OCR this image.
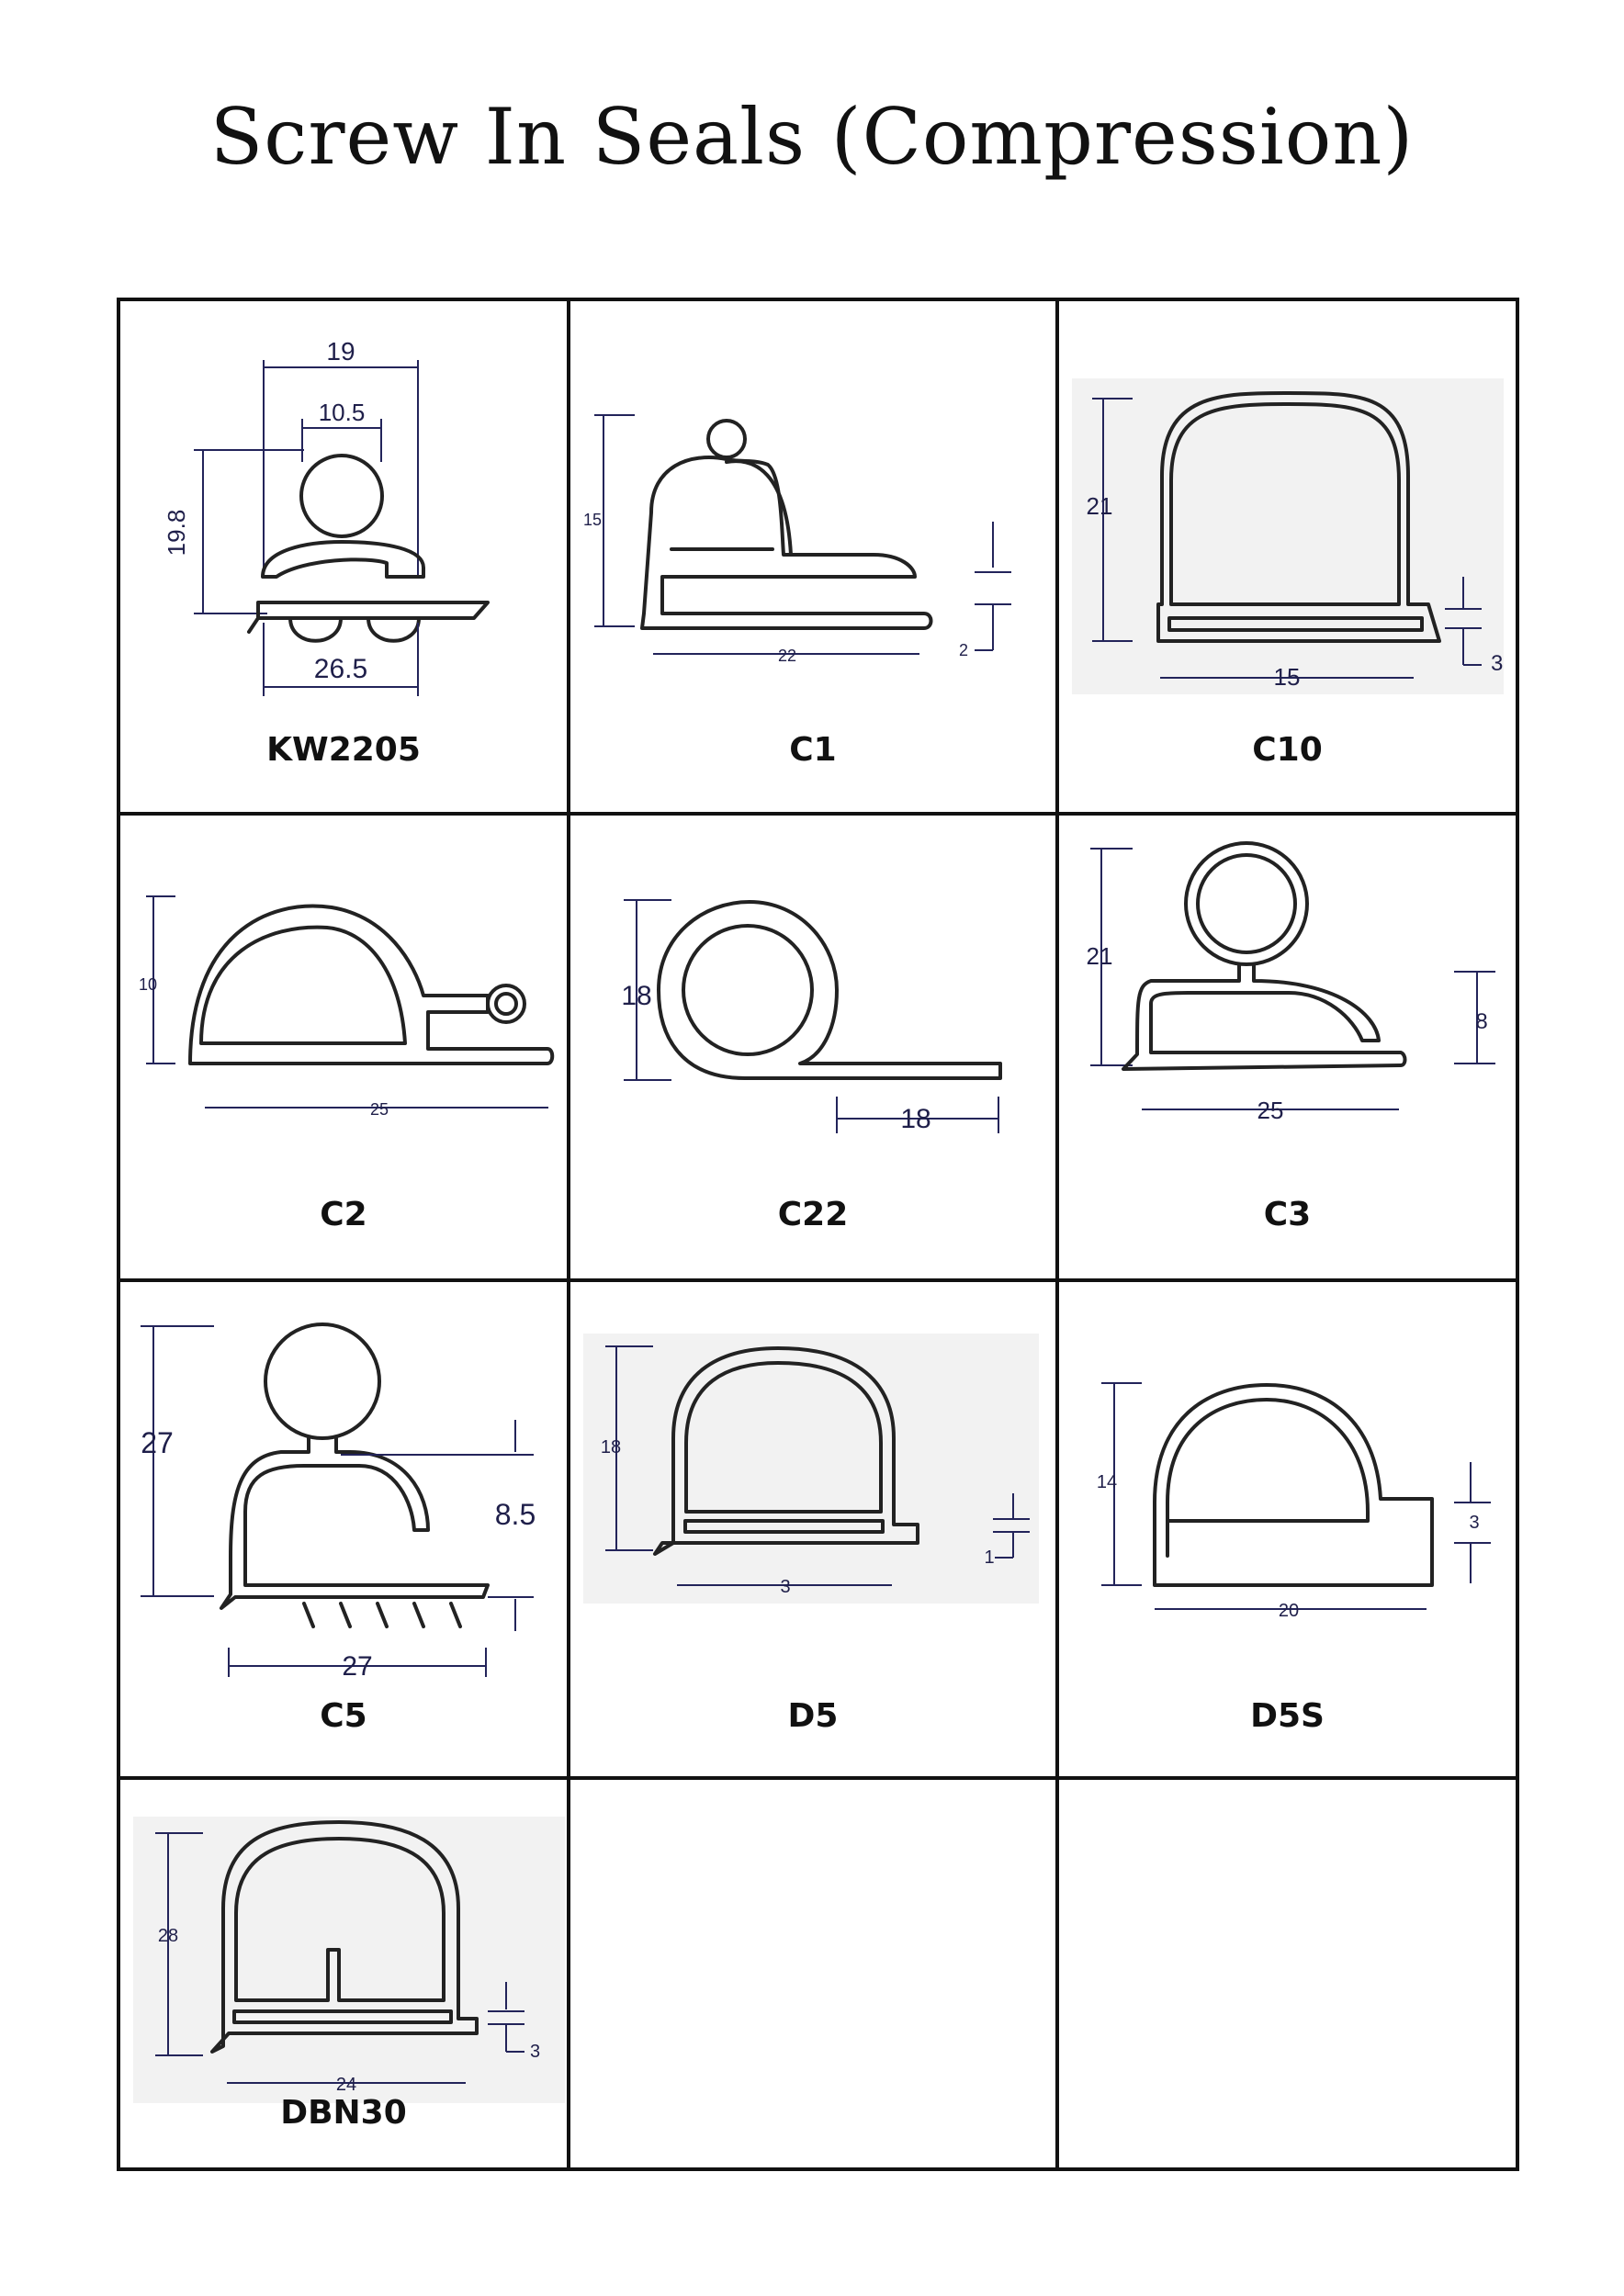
Screw In Seals (Compression)
19
10.5
19.8
26.5
KW2205
15
22	2
C1
21
15	3
C10
10
25
C2
18
18
C22
21
25
8
C3
27
8.5
27
C5
18
3
1
D5
14
20
3
D5S
28
24
3
DBN30
